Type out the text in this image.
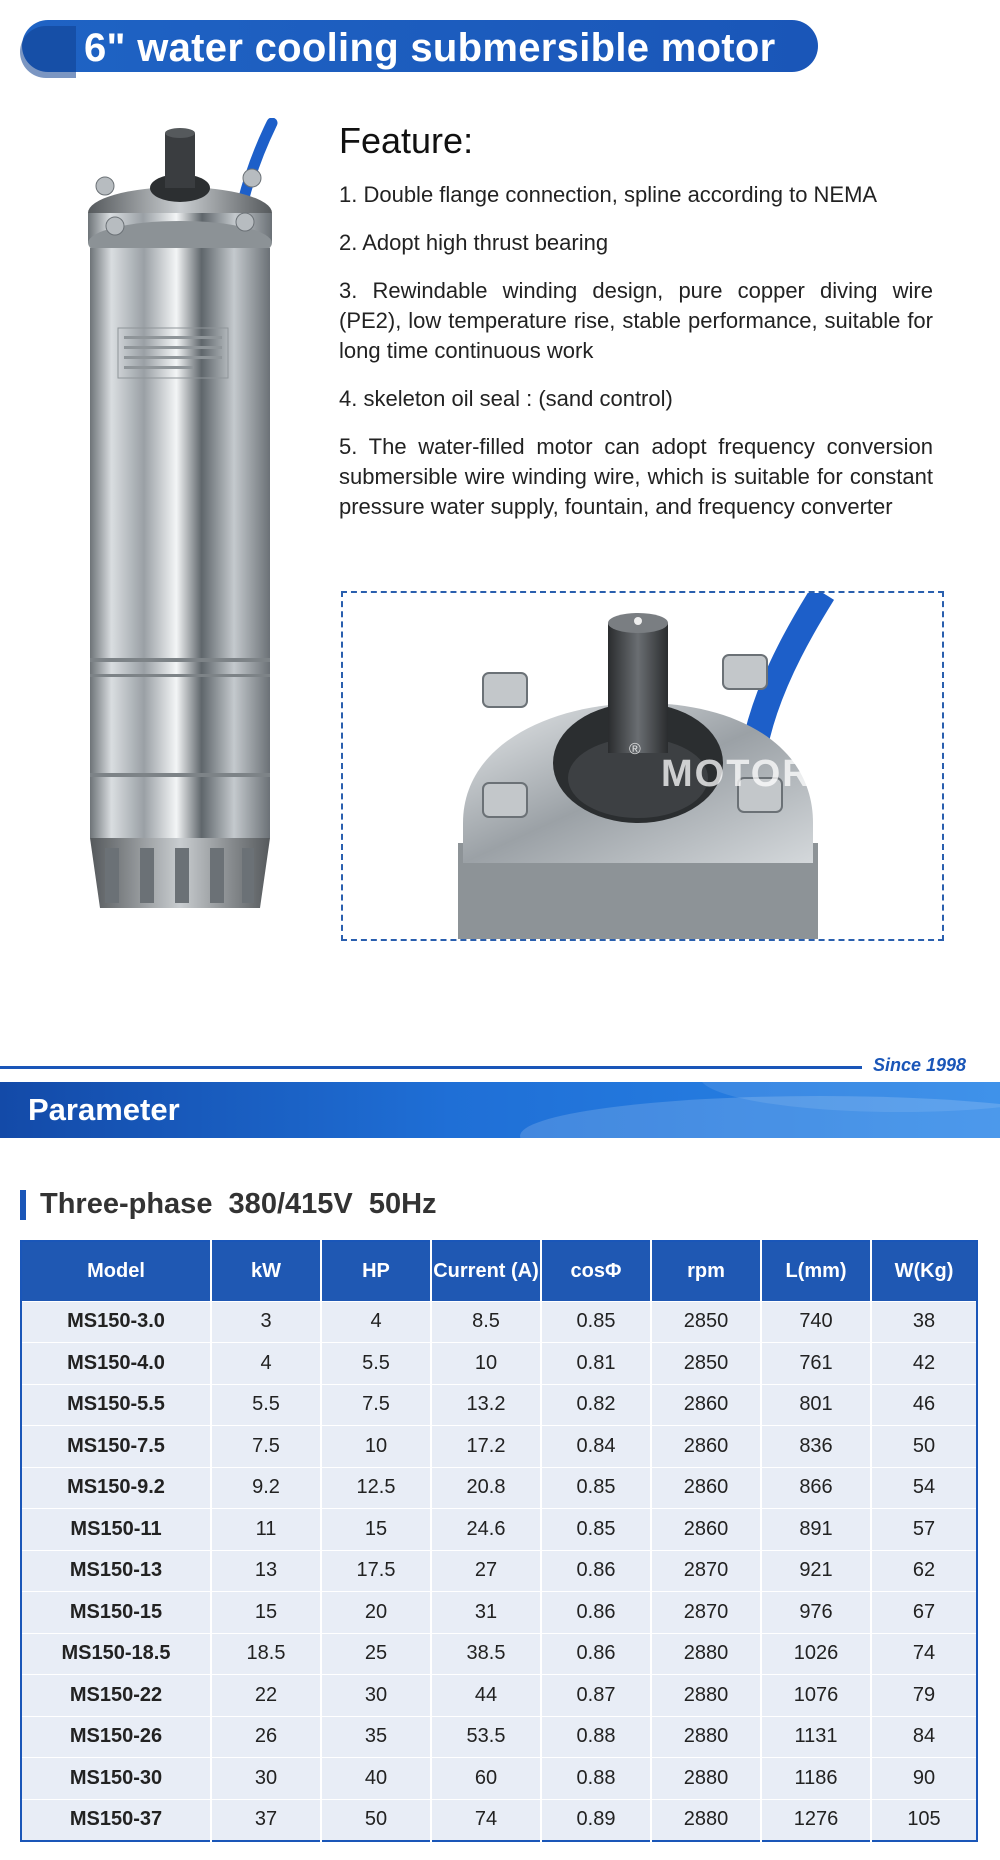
6" water cooling submersible motor
Feature:

1. Double flange connection, spline according to NEMA

2. Adopt high thrust bearing

3. Rewindable winding design, pure copper diving wire (PE2), low temperature rise, stable performance, suitable for long time continuous work

4. skeleton oil seal : (sand control)

5. The water-filled motor can adopt frequency conversion submersible wire winding wire, which is suitable for constant pressure water supply, fountain, and frequency converter

®
MOTOR
Since 1998
Parameter
Three-phase  380/415V  50Hz
Model	kW	HP	Current (A)	cosΦ	rpm	L(mm)	W(Kg)
MS150-3.0	3	4	8.5	0.85	2850	740	38
MS150-4.0	4	5.5	10	0.81	2850	761	42
MS150-5.5	5.5	7.5	13.2	0.82	2860	801	46
MS150-7.5	7.5	10	17.2	0.84	2860	836	50
MS150-9.2	9.2	12.5	20.8	0.85	2860	866	54
MS150-11	11	15	24.6	0.85	2860	891	57
MS150-13	13	17.5	27	0.86	2870	921	62
MS150-15	15	20	31	0.86	2870	976	67
MS150-18.5	18.5	25	38.5	0.86	2880	1026	74
MS150-22	22	30	44	0.87	2880	1076	79
MS150-26	26	35	53.5	0.88	2880	1131	84
MS150-30	30	40	60	0.88	2880	1186	90
MS150-37	37	50	74	0.89	2880	1276	105
